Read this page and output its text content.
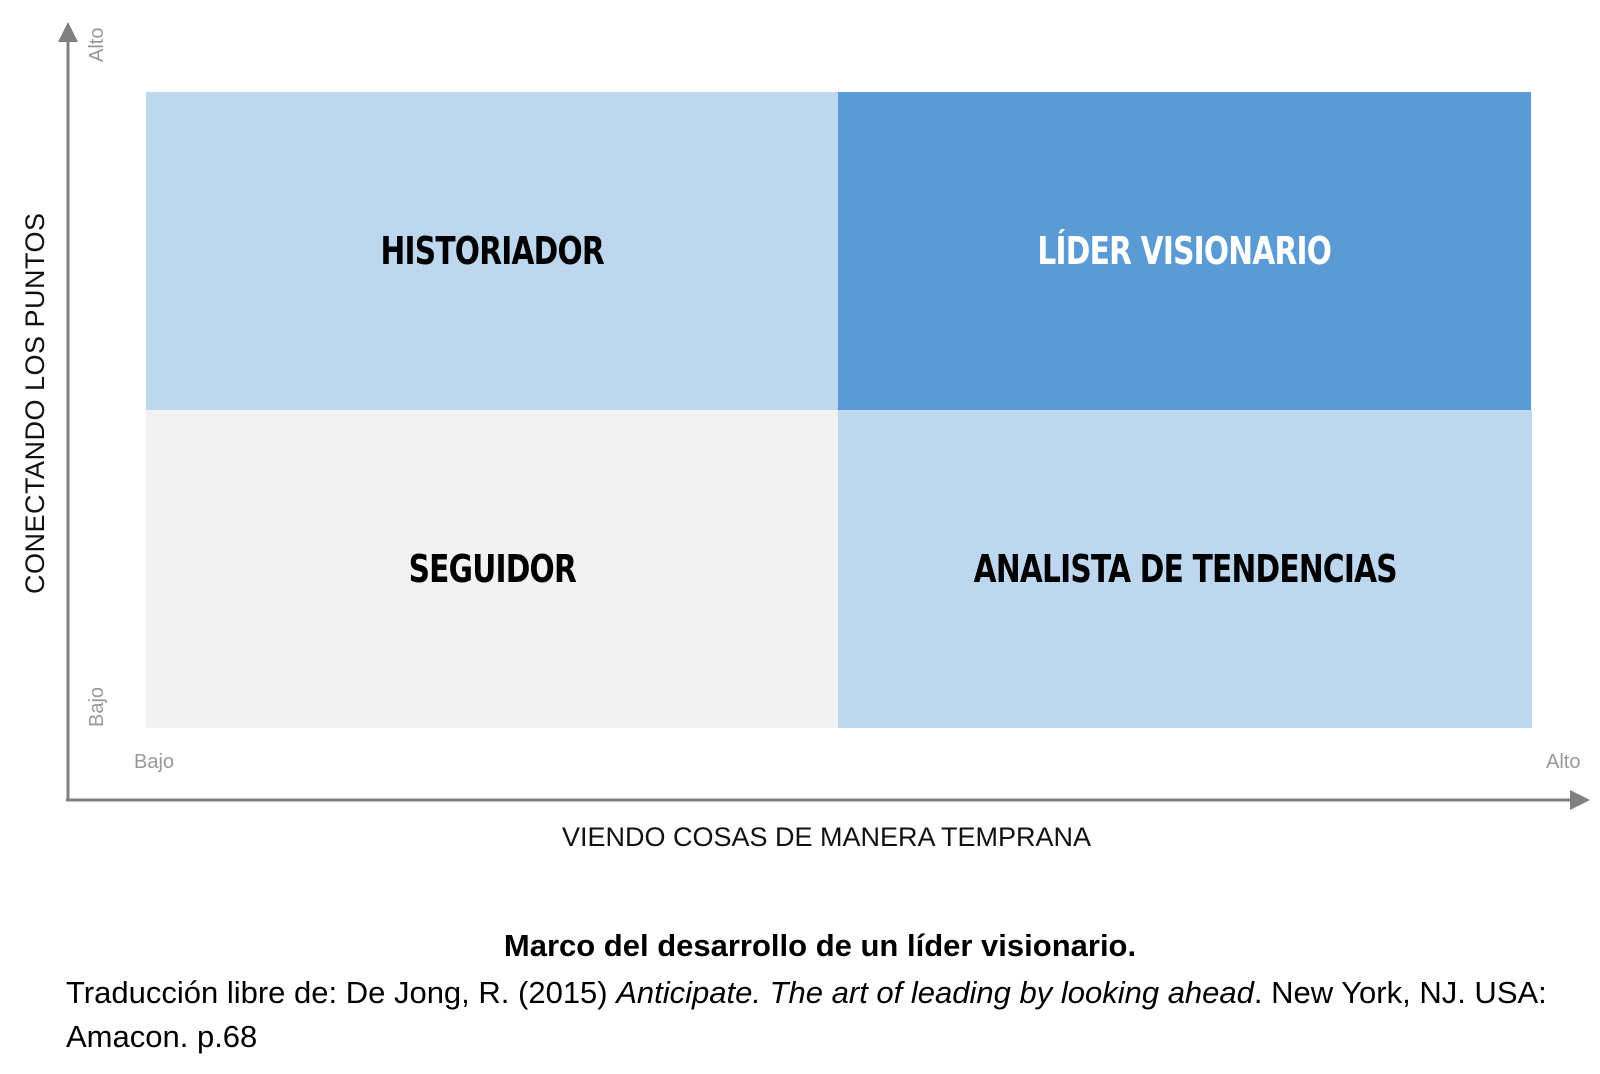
HISTORIADOR	LÍDER VISIONARIO
SEGUIDOR	ANALISTA DE TENDENCIAS
Alto
Bajo
Bajo	Alto
CONECTANDO LOS PUNTOS
VIENDO COSAS DE MANERA TEMPRANA
Marco del desarrollo de un líder visionario.
Traducción libre de: De Jong, R. (2015) Anticipate. The art of leading by looking ahead. New York, NJ. USA: Amacon. p.68
